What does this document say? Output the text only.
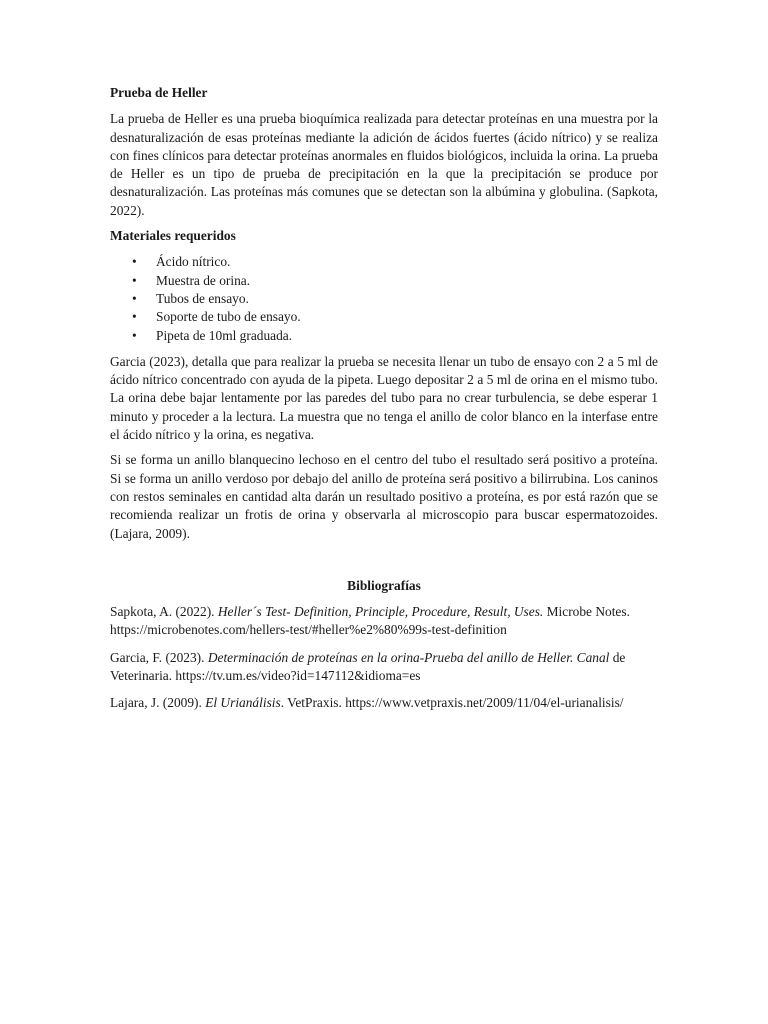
Prueba de Heller

La prueba de Heller es una prueba bioquímica realizada para detectar proteínas en una muestra por la desnaturalización de esas proteínas mediante la adición de ácidos fuertes (ácido nítrico) y se realiza con fines clínicos para detectar proteínas anormales en fluidos biológicos, incluida la orina. La prueba de Heller es un tipo de prueba de precipitación en la que la precipitación se produce por desnaturalización. Las proteínas más comunes que se detectan son la albúmina y globulina. (Sapkota, 2022).

Materiales requeridos

• Ácido nítrico.
• Muestra de orina.
• Tubos de ensayo.
• Soporte de tubo de ensayo.
• Pipeta de 10ml graduada.

Garcia (2023), detalla que para realizar la prueba se necesita llenar un tubo de ensayo con 2 a 5 ml de ácido nítrico concentrado con ayuda de la pipeta. Luego depositar 2 a 5 ml de orina en el mismo tubo. La orina debe bajar lentamente por las paredes del tubo para no crear turbulencia, se debe esperar 1 minuto y proceder a la lectura. La muestra que no tenga el anillo de color blanco en la interfase entre el ácido nítrico y la orina, es negativa.

Si se forma un anillo blanquecino lechoso en el centro del tubo el resultado será positivo a proteína. Si se forma un anillo verdoso por debajo del anillo de proteína será positivo a bilirrubina. Los caninos con restos seminales en cantidad alta darán un resultado positivo a proteína, es por está razón que se recomienda realizar un frotis de orina y observarla al microscopio para buscar espermatozoides. (Lajara, 2009).

Bibliografías

Sapkota, A. (2022). Heller´s Test- Definition, Principle, Procedure, Result, Uses. Microbe Notes. https://microbenotes.com/hellers-test/#heller%e2%80%99s-test-definition

Garcia, F. (2023). Determinación de proteínas en la orina-Prueba del anillo de Heller. Canal de Veterinaria. https://tv.um.es/video?id=147112&idioma=es

Lajara, J. (2009). El Urianálisis. VetPraxis. https://www.vetpraxis.net/2009/11/04/el-urianalisis/
